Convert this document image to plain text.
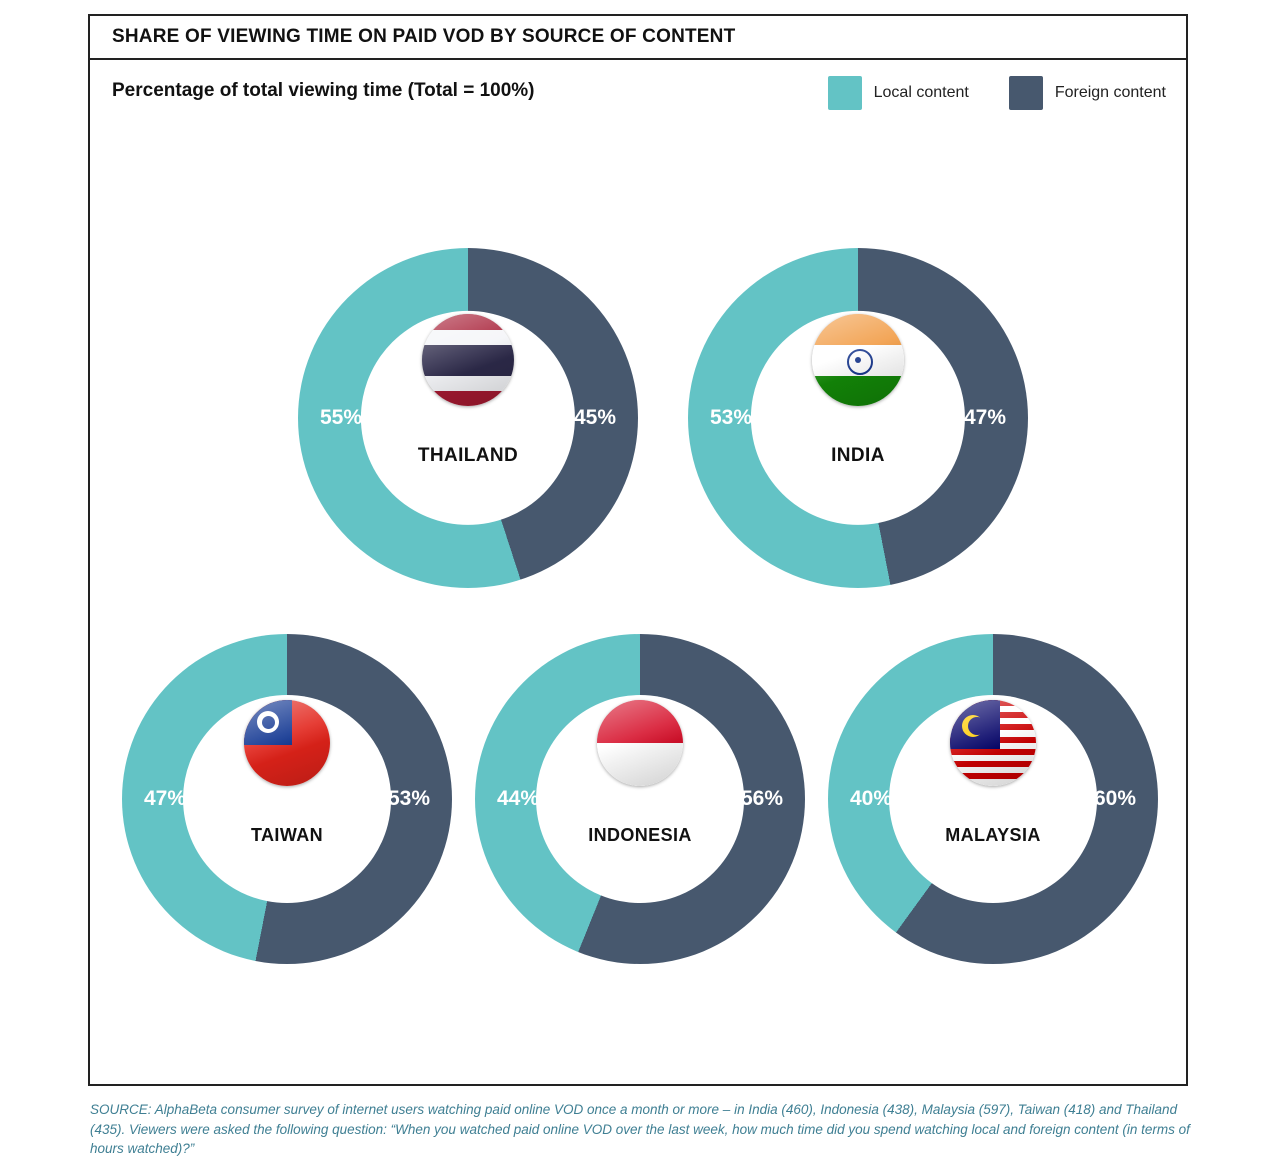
SHARE OF VIEWING TIME ON PAID VOD BY SOURCE OF CONTENT
Percentage of total viewing time (Total = 100%)	Local content	Foreign content
THAILAND
55%	45%
INDIA
53%	47%
TAIWAN
47%	53%
INDONESIA
44%	56%
MALAYSIA
40%	60%
SOURCE: AlphaBeta consumer survey of internet users watching paid online VOD once a month or more – in India (460), Indonesia (438), Malaysia (597), Taiwan (418) and Thailand (435). Viewers were asked the following question: “When you watched paid online VOD over the last week, how much time did you spend watching local and foreign content (in terms of hours watched)?”
